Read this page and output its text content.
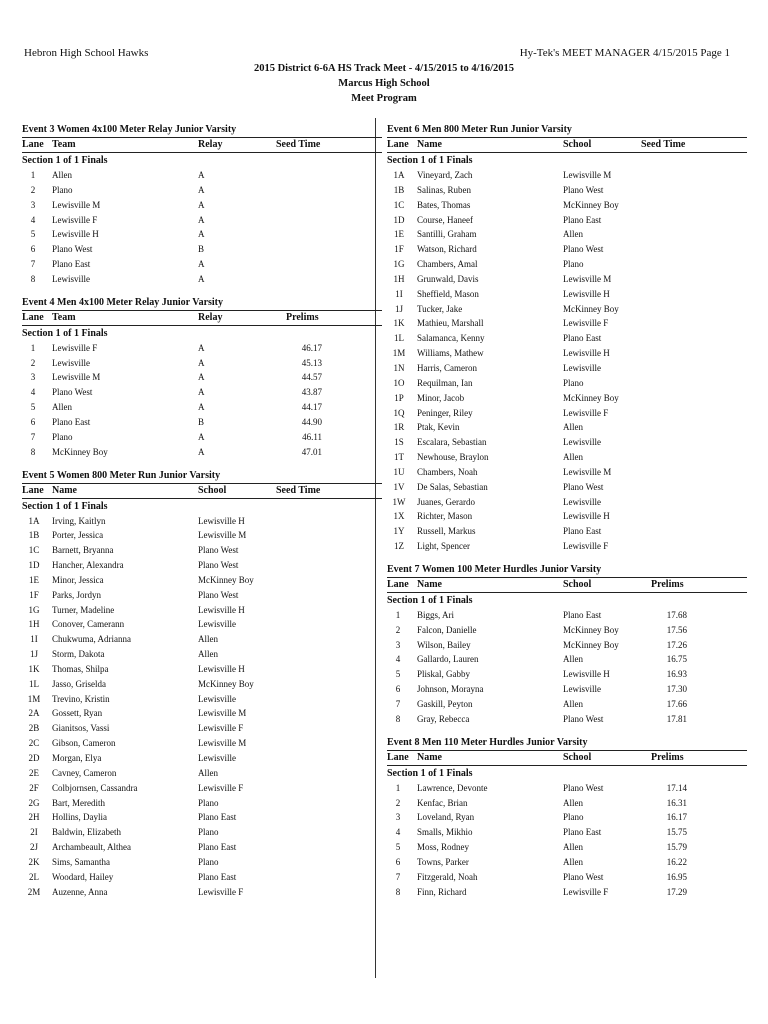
Hebron High School Hawks	Hy-Tek's MEET MANAGER 4/15/2015 Page 1
2015 District 6-6A HS Track Meet - 4/15/2015 to 4/16/2015
Marcus High School
Meet Program
Event 3 Women 4x100 Meter Relay Junior Varsity
Lane Team	Relay	Seed Time
Section 1 of 1 Finals
1	Allen	A
2	Plano	A
3	Lewisville M	A
4	Lewisville F	A
5	Lewisville H	A
6	Plano West	B
7	Plano East	A
8	Lewisville	A
Event 4 Men 4x100 Meter Relay Junior Varsity
Lane Team	Relay	Prelims
Section 1 of 1 Finals
1	Lewisville F	A	46.17
2	Lewisville	A	45.13
3	Lewisville M	A	44.57
4	Plano West	A	43.87
5	Allen	A	44.17
6	Plano East	B	44.90
7	Plano	A	46.11
8	McKinney Boy	A	47.01
Event 5 Women 800 Meter Run Junior Varsity
Lane Name	School	Seed Time
Section 1 of 1 Finals
1A	Irving, Kaitlyn	Lewisville H
1B	Porter, Jessica	Lewisville M
1C	Barnett, Bryanna	Plano West
1D	Hancher, Alexandra	Plano West
1E	Minor, Jessica	McKinney Boy
1F	Parks, Jordyn	Plano West
1G	Turner, Madeline	Lewisville H
1H	Conover, Camerann	Lewisville
1I	Chukwuma, Adrianna	Allen
1J	Storm, Dakota	Allen
1K	Thomas, Shilpa	Lewisville H
1L	Jasso, Griselda	McKinney Boy
1M	Trevino, Kristin	Lewisville
2A	Gossett, Ryan	Lewisville M
2B	Gianitsos, Vassi	Lewisville F
2C	Gibson, Cameron	Lewisville M
2D	Morgan, Elya	Lewisville
2E	Cavney, Cameron	Allen
2F	Colbjornsen, Cassandra	Lewisville F
2G	Bart, Meredith	Plano
2H	Hollins, Daylia	Plano East
2I	Baldwin, Elizabeth	Plano
2J	Archambeault, Althea	Plano East
2K	Sims, Samantha	Plano
2L	Woodard, Hailey	Plano East
2M	Auzenne, Anna	Lewisville F
Event 6 Men 800 Meter Run Junior Varsity
Lane Name	School	Seed Time
Section 1 of 1 Finals
1A	Vineyard, Zach	Lewisville M
1B	Salinas, Ruben	Plano West
1C	Bates, Thomas	McKinney Boy
1D	Course, Haneef	Plano East
1E	Santilli, Graham	Allen
1F	Watson, Richard	Plano West
1G	Chambers, Amal	Plano
1H	Grunwald, Davis	Lewisville M
1I	Sheffield, Mason	Lewisville H
1J	Tucker, Jake	McKinney Boy
1K	Mathieu, Marshall	Lewisville F
1L	Salamanca, Kenny	Plano East
1M	Williams, Mathew	Lewisville H
1N	Harris, Cameron	Lewisville
1O	Requilman, Ian	Plano
1P	Minor, Jacob	McKinney Boy
1Q	Peninger, Riley	Lewisville F
1R	Ptak, Kevin	Allen
1S	Escalara, Sebastian	Lewisville
1T	Newhouse, Braylon	Allen
1U	Chambers, Noah	Lewisville M
1V	De Salas, Sebastian	Plano West
1W	Juanes, Gerardo	Lewisville
1X	Richter, Mason	Lewisville H
1Y	Russell, Markus	Plano East
1Z	Light, Spencer	Lewisville F
Event 7 Women 100 Meter Hurdles Junior Varsity
Lane Name	School	Prelims
Section 1 of 1 Finals
1	Biggs, Ari	Plano East	17.68
2	Falcon, Danielle	McKinney Boy	17.56
3	Wilson, Bailey	McKinney Boy	17.26
4	Gallardo, Lauren	Allen	16.75
5	Pliskal, Gabby	Lewisville H	16.93
6	Johnson, Morayna	Lewisville	17.30
7	Gaskill, Peyton	Allen	17.66
8	Gray, Rebecca	Plano West	17.81
Event 8 Men 110 Meter Hurdles Junior Varsity
Lane Name	School	Prelims
Section 1 of 1 Finals
1	Lawrence, Devonte	Plano West	17.14
2	Kenfac, Brian	Allen	16.31
3	Loveland, Ryan	Plano	16.17
4	Smalls, Mikhio	Plano East	15.75
5	Moss, Rodney	Allen	15.79
6	Towns, Parker	Allen	16.22
7	Fitzgerald, Noah	Plano West	16.95
8	Finn, Richard	Lewisville F	17.29
